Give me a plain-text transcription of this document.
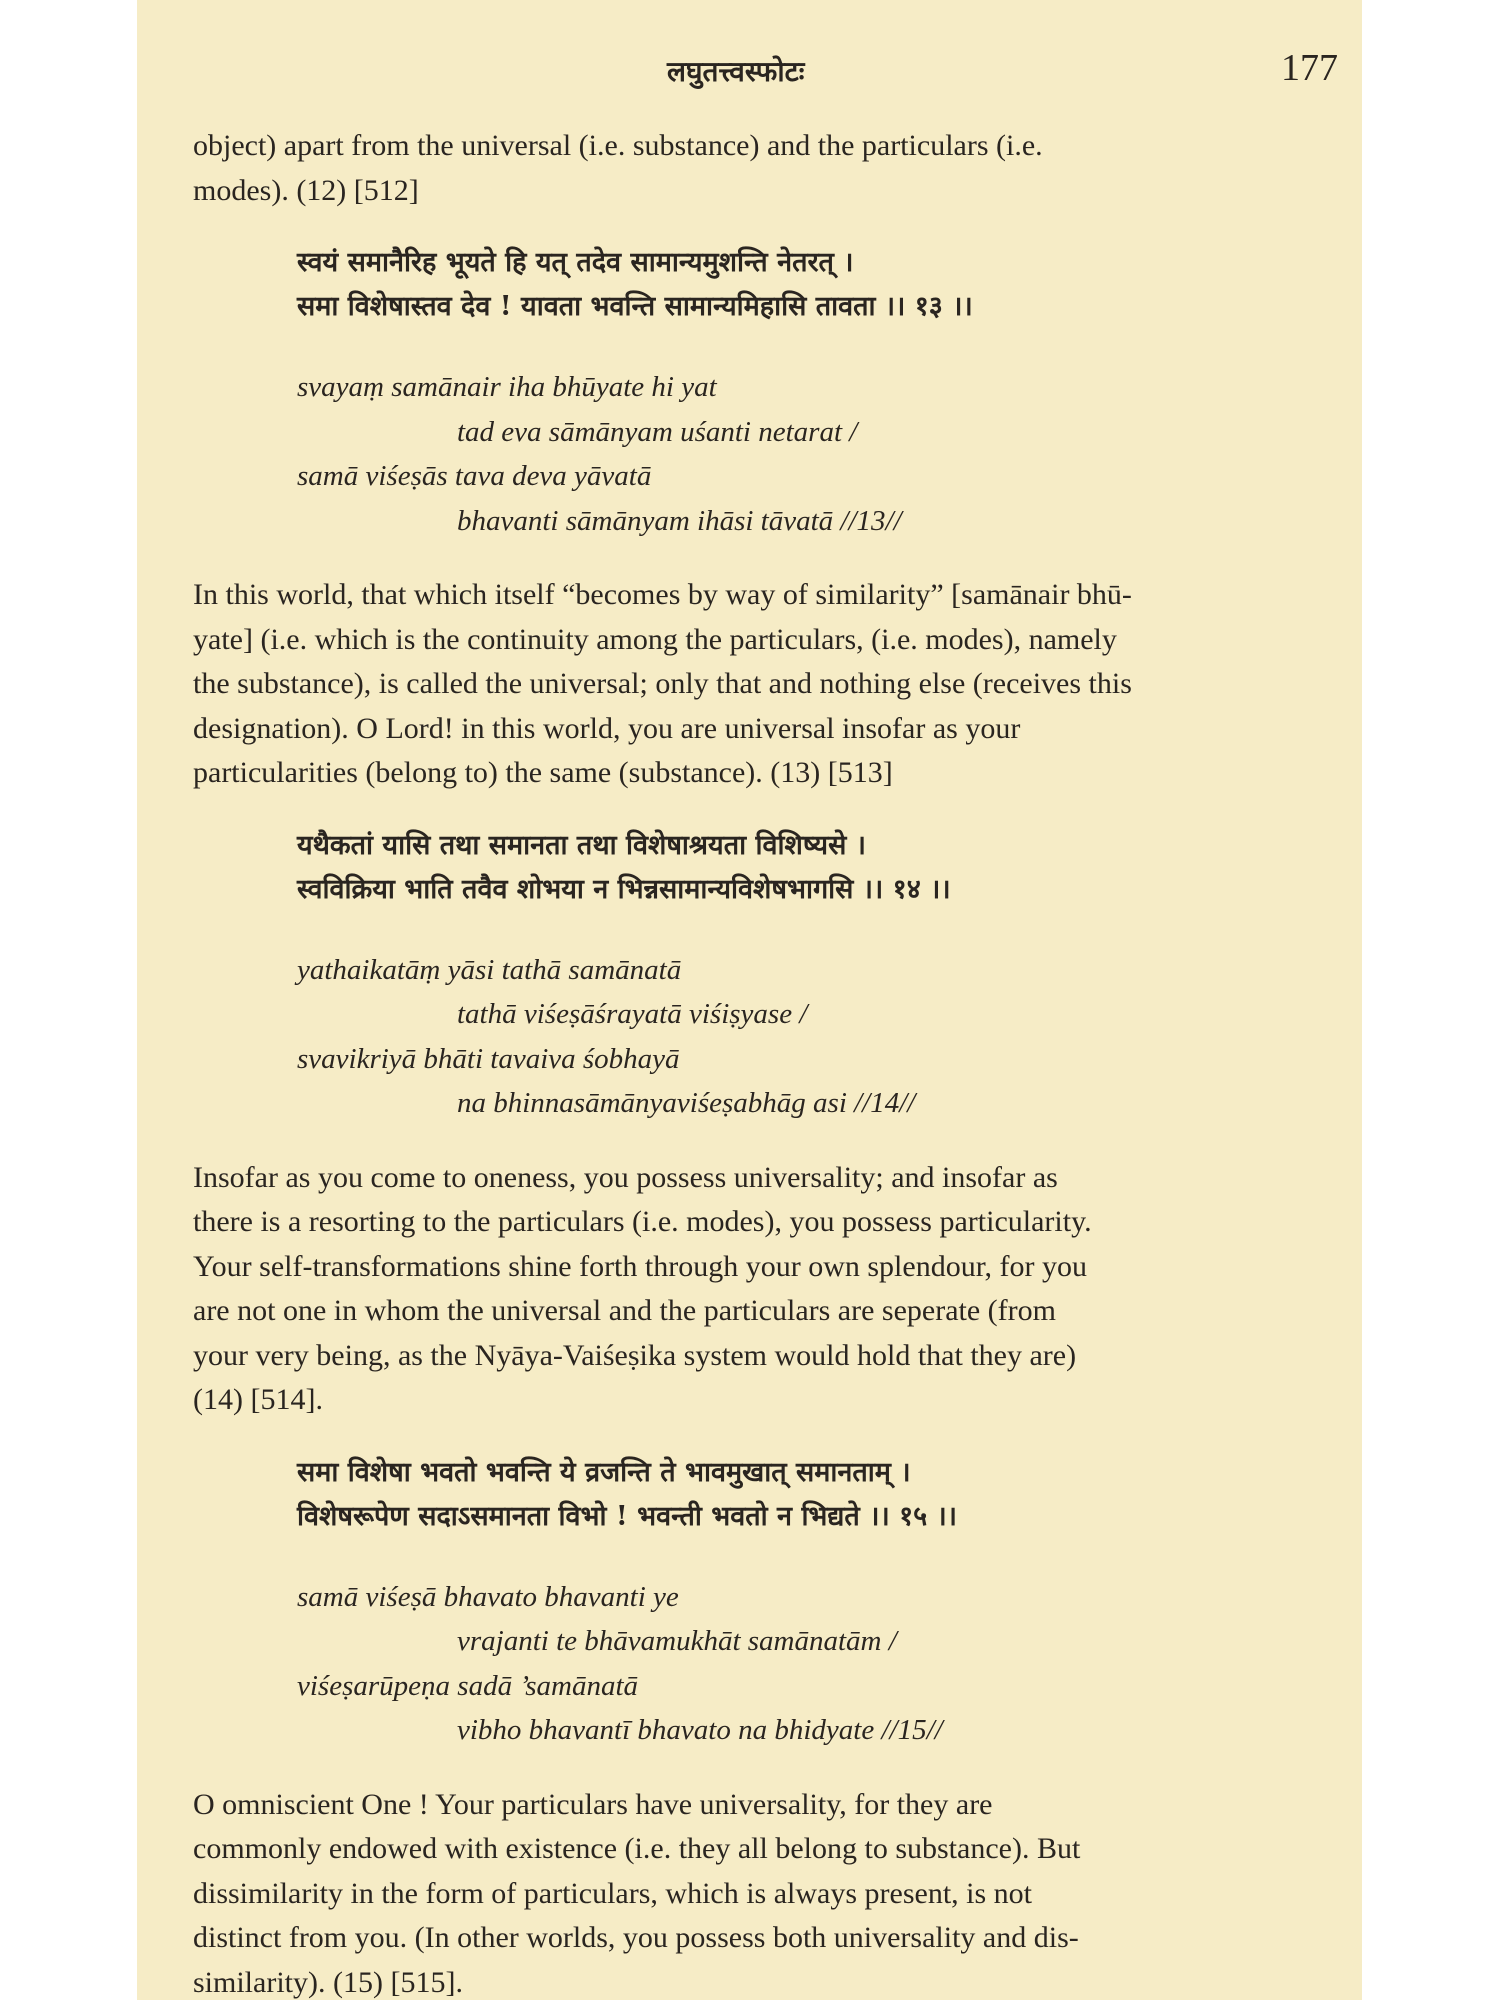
लघुतत्त्वस्फोटः	177
object) apart from the universal (i.e. substance) and the particulars (i.e.
modes). (12) [512]
स्वयं समानैरिह भूयते हि यत् तदेव सामान्यमुशन्ति नेतरत् ।
समा विशेषास्तव देव ! यावता भवन्ति सामान्यमिहासि तावता ।। १३ ।।
svayaṃ samānair iha bhūyate hi yat
tad eva sāmānyam uśanti netarat /
samā viśeṣās tava deva yāvatā
bhavanti sāmānyam ihāsi tāvatā //13//
In this world, that which itself “becomes by way of similarity” [samānair bhū-
yate] (i.e. which is the continuity among the particulars, (i.e. modes), namely
the substance), is called the universal; only that and nothing else (receives this
designation). O Lord! in this world, you are universal insofar as your
particularities (belong to) the same (substance). (13) [513]
यथैकतां यासि तथा समानता तथा विशेषाश्रयता विशिष्यसे ।
स्वविक्रिया भाति तवैव शोभया न भिन्नसामान्यविशेषभागसि ।। १४ ।।
yathaikatāṃ yāsi tathā samānatā
tathā viśeṣāśrayatā viśiṣyase /
svavikriyā bhāti tavaiva śobhayā
na bhinnasāmānyaviśeṣabhāg asi //14//
Insofar as you come to oneness, you possess universality; and insofar as
there is a resorting to the particulars (i.e. modes), you possess particularity.
Your self-transformations shine forth through your own splendour, for you
are not one in whom the universal and the particulars are seperate (from
your very being, as the Nyāya-Vaiśeṣika system would hold that they are)
(14) [514].
समा विशेषा भवतो भवन्ति ये व्रजन्ति ते भावमुखात् समानताम् ।
विशेषरूपेण सदाऽसमानता विभो ! भवन्ती भवतो न भिद्यते ।। १५ ।।
samā viśeṣā bhavato bhavanti ye
vrajanti te bhāvamukhāt samānatām /
viśeṣarūpeṇa sadā ’samānatā
vibho bhavantī bhavato na bhidyate //15//
O omniscient One ! Your particulars have universality, for they are
commonly endowed with existence (i.e. they all belong to substance). But
dissimilarity in the form of particulars, which is always present, is not
distinct from you. (In other worlds, you possess both universality and dis-
similarity). (15) [515].
